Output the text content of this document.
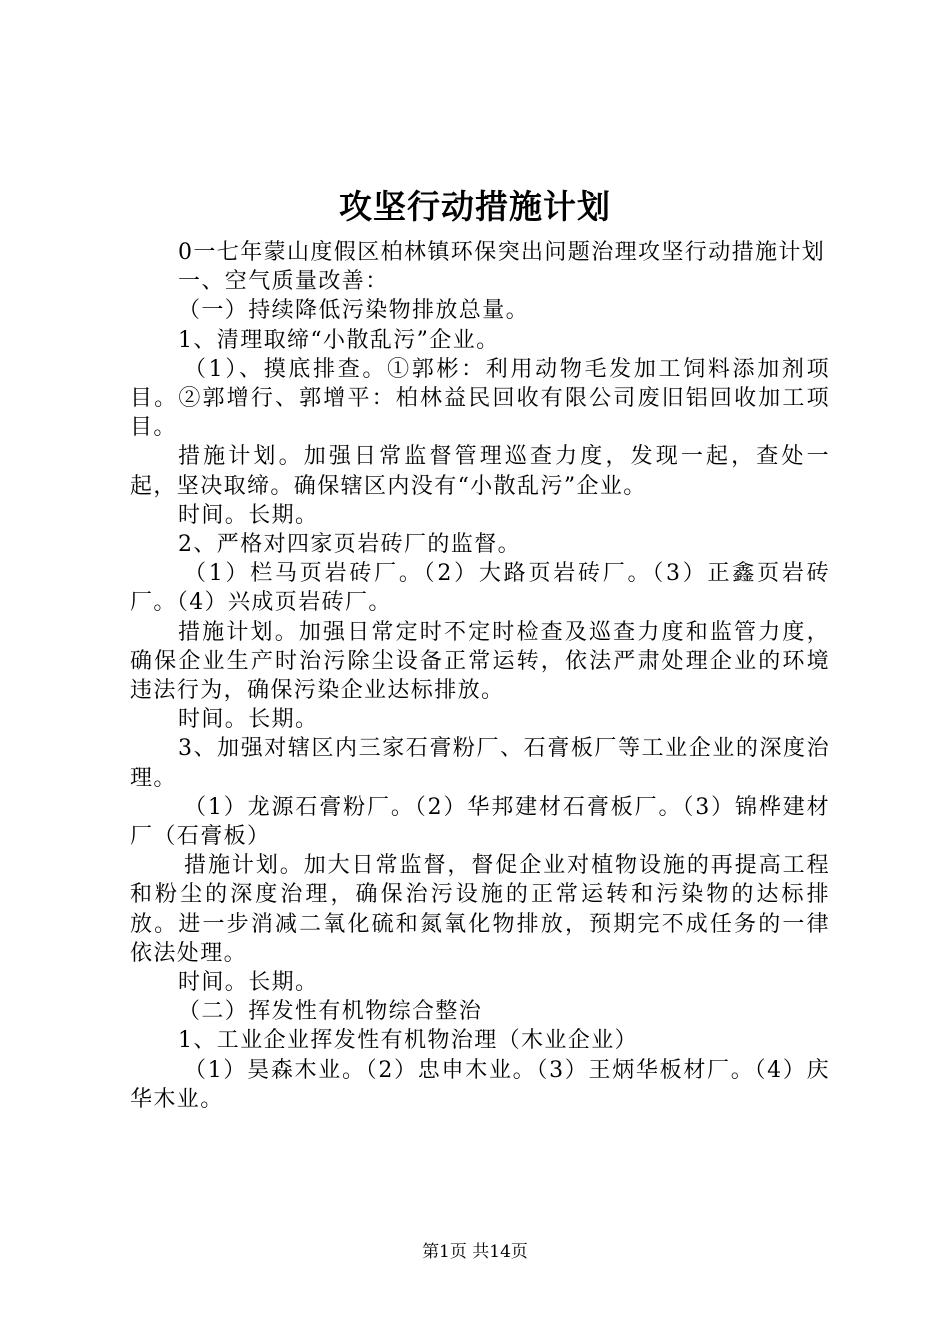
攻坚行动措施计划

0一七年蒙山度假区柏林镇环保突出问题治理攻坚行动措施计划

一、空气质量改善：

（一）持续降低污染物排放总量。

1、清理取缔“小散乱污”企业。

（1）、摸底排查。①郭彬：利用动物毛发加工饲料添加剂项目。②郭增行、郭增平：柏林益民回收有限公司废旧铝回收加工项目。

措施计划。加强日常监督管理巡查力度，发现一起，查处一起，坚决取缔。确保辖区内没有“小散乱污”企业。

时间。长期。

2、严格对四家页岩砖厂的监督。

（1）栏马页岩砖厂。（2）大路页岩砖厂。（3）正鑫页岩砖厂。（4）兴成页岩砖厂。

措施计划。加强日常定时不定时检查及巡查力度和监管力度，确保企业生产时治污除尘设备正常运转，依法严肃处理企业的环境违法行为，确保污染企业达标排放。

时间。长期。

3、加强对辖区内三家石膏粉厂、石膏板厂等工业企业的深度治理。

（1）龙源石膏粉厂。（2）华邦建材石膏板厂。（3）锦桦建材厂（石膏板）

措施计划。加大日常监督，督促企业对植物设施的再提高工程和粉尘的深度治理，确保治污设施的正常运转和污染物的达标排放。进一步消减二氧化硫和氮氧化物排放，预期完不成任务的一律依法处理。

时间。长期。

（二）挥发性有机物综合整治

1、工业企业挥发性有机物治理（木业企业）

（1）昊森木业。（2）忠申木业。（3）王炳华板材厂。（4）庆华木业。

第1页 共14页
